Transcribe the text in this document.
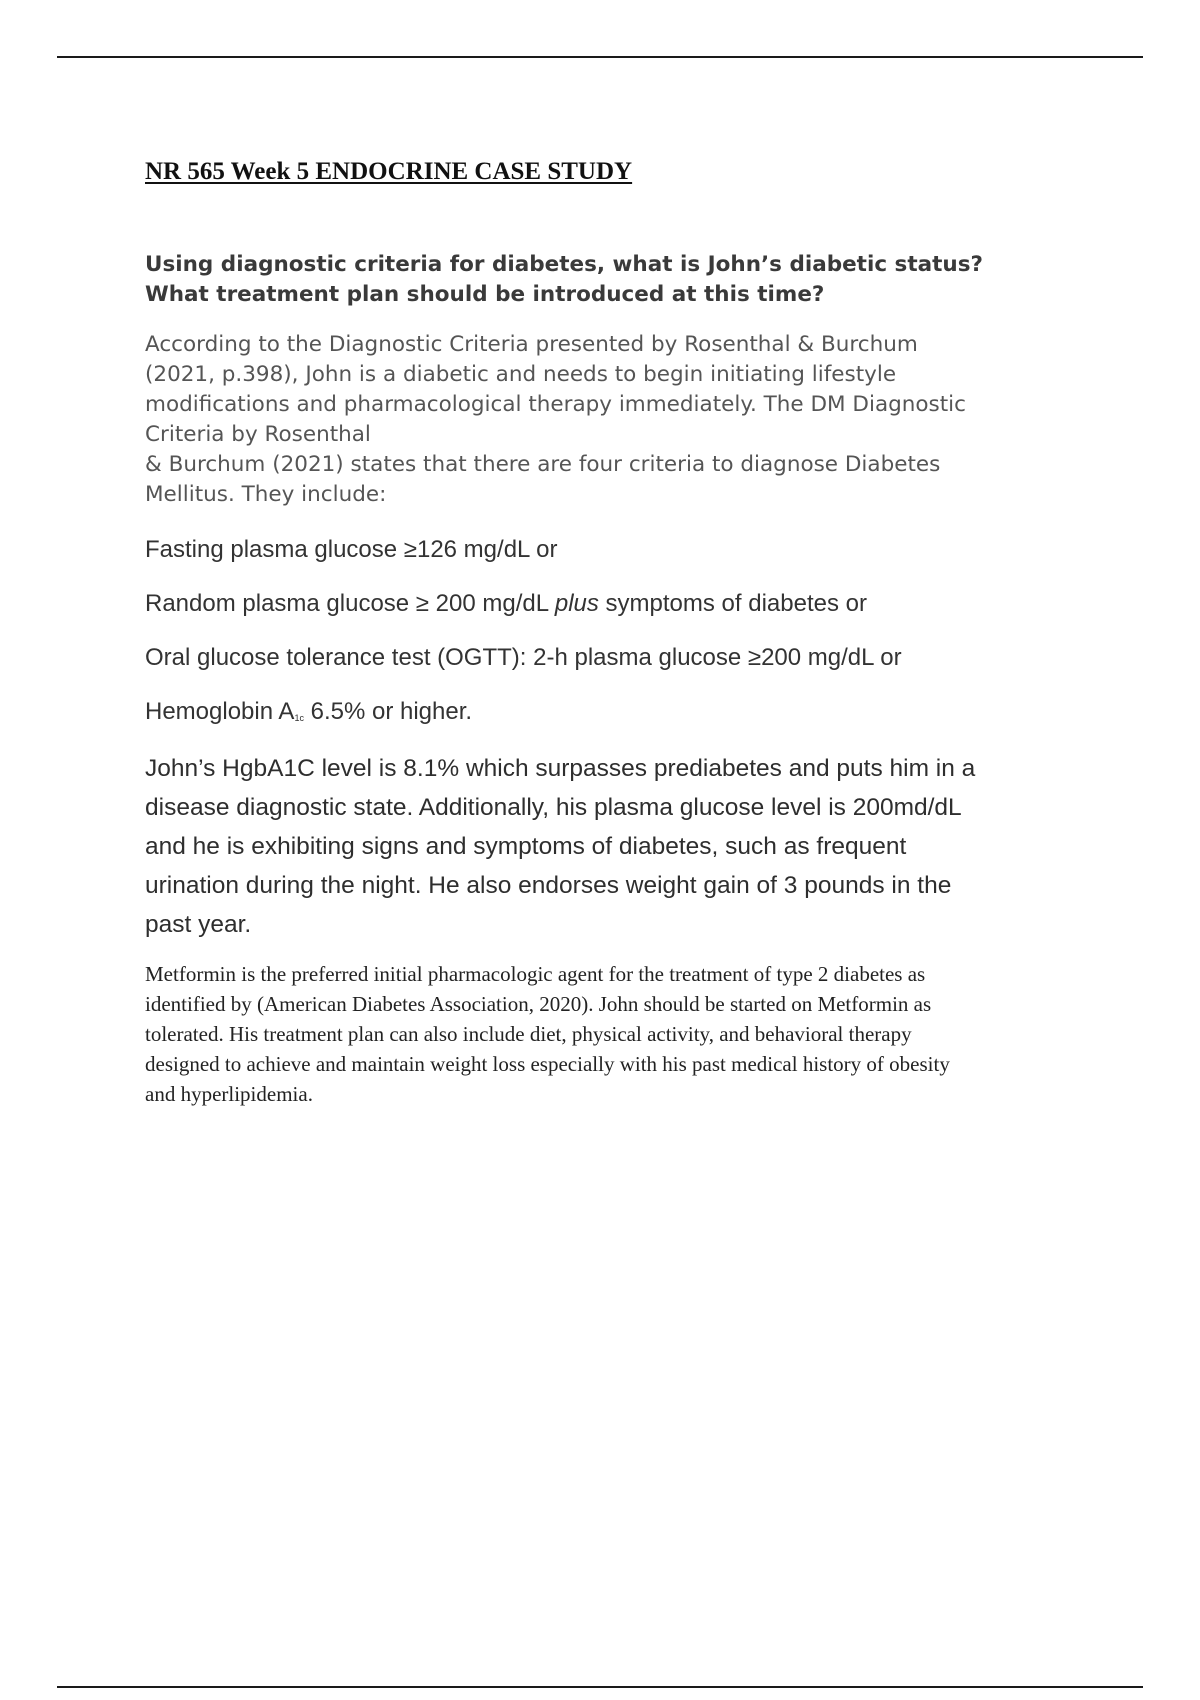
NR 565 Week 5 ENDOCRINE CASE STUDY

Using diagnostic criteria for diabetes, what is John’s diabetic status?
What treatment plan should be introduced at this time?

According to the Diagnostic Criteria presented by Rosenthal & Burchum
(2021, p.398), John is a diabetic and needs to begin initiating lifestyle
modifications and pharmacological therapy immediately. The DM Diagnostic
Criteria by Rosenthal
& Burchum (2021) states that there are four criteria to diagnose Diabetes
Mellitus. They include:

Fasting plasma glucose ≥126 mg/dL or

Random plasma glucose ≥ 200 mg/dL plus symptoms of diabetes or

Oral glucose tolerance test (OGTT): 2-h plasma glucose ≥200 mg/dL or

Hemoglobin $A_{1c}$ 6.5% or higher.

John’s HgbA1C level is 8.1% which surpasses prediabetes and puts him in a
disease diagnostic state. Additionally, his plasma glucose level is 200md/dL
and he is exhibiting signs and symptoms of diabetes, such as frequent
urination during the night. He also endorses weight gain of 3 pounds in the
past year.

Metformin is the preferred initial pharmacologic agent for the treatment of type 2 diabetes as
identified by (American Diabetes Association, 2020). John should be started on Metformin as
tolerated. His treatment plan can also include diet, physical activity, and behavioral therapy
designed to achieve and maintain weight loss especially with his past medical history of obesity
and hyperlipidemia.
